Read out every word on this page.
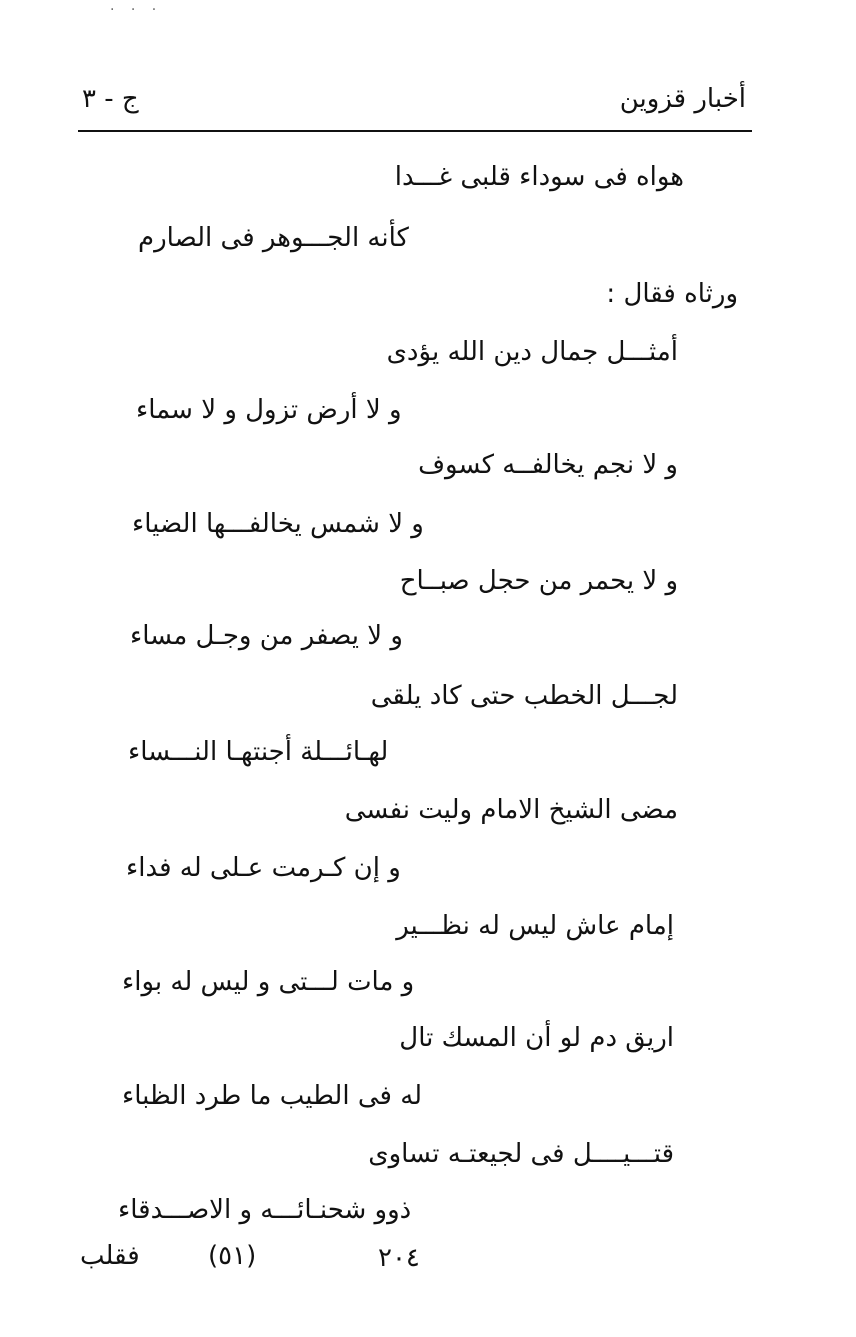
· · ·
أخبار قزوين
ج - ٣
هواه فى سوداء قلبى غـــدا
كأنه الجـــوهر فى الصارم
ورثاه فقال :
أمثـــل جمال دين الله يؤدى
و لا أرض تزول و لا سماء
و لا نجم يخالفــه كسوف
و لا شمس يخالفـــها الضياء
و لا يحمر من حجل صبــاح
و لا يصفر من وجـل مساء
لجـــل الخطب حتى كاد يلقى
لهـائـــلة أجنتهـا النـــساء
مضى الشيخ الامام وليت نفسى
و إن كـرمت عـلى له فداء
إمام عاش ليس له نظـــير
و مات لـــتى و ليس له بواء
اريق دم لو أن المسك تال
له فى الطيب ما طرد الظباء
قتـــيــــل فى لجيعتـه تساوى
ذوو شحنـائـــه و الاصـــدقاء
٢٠٤
(٥١)
فقلب
